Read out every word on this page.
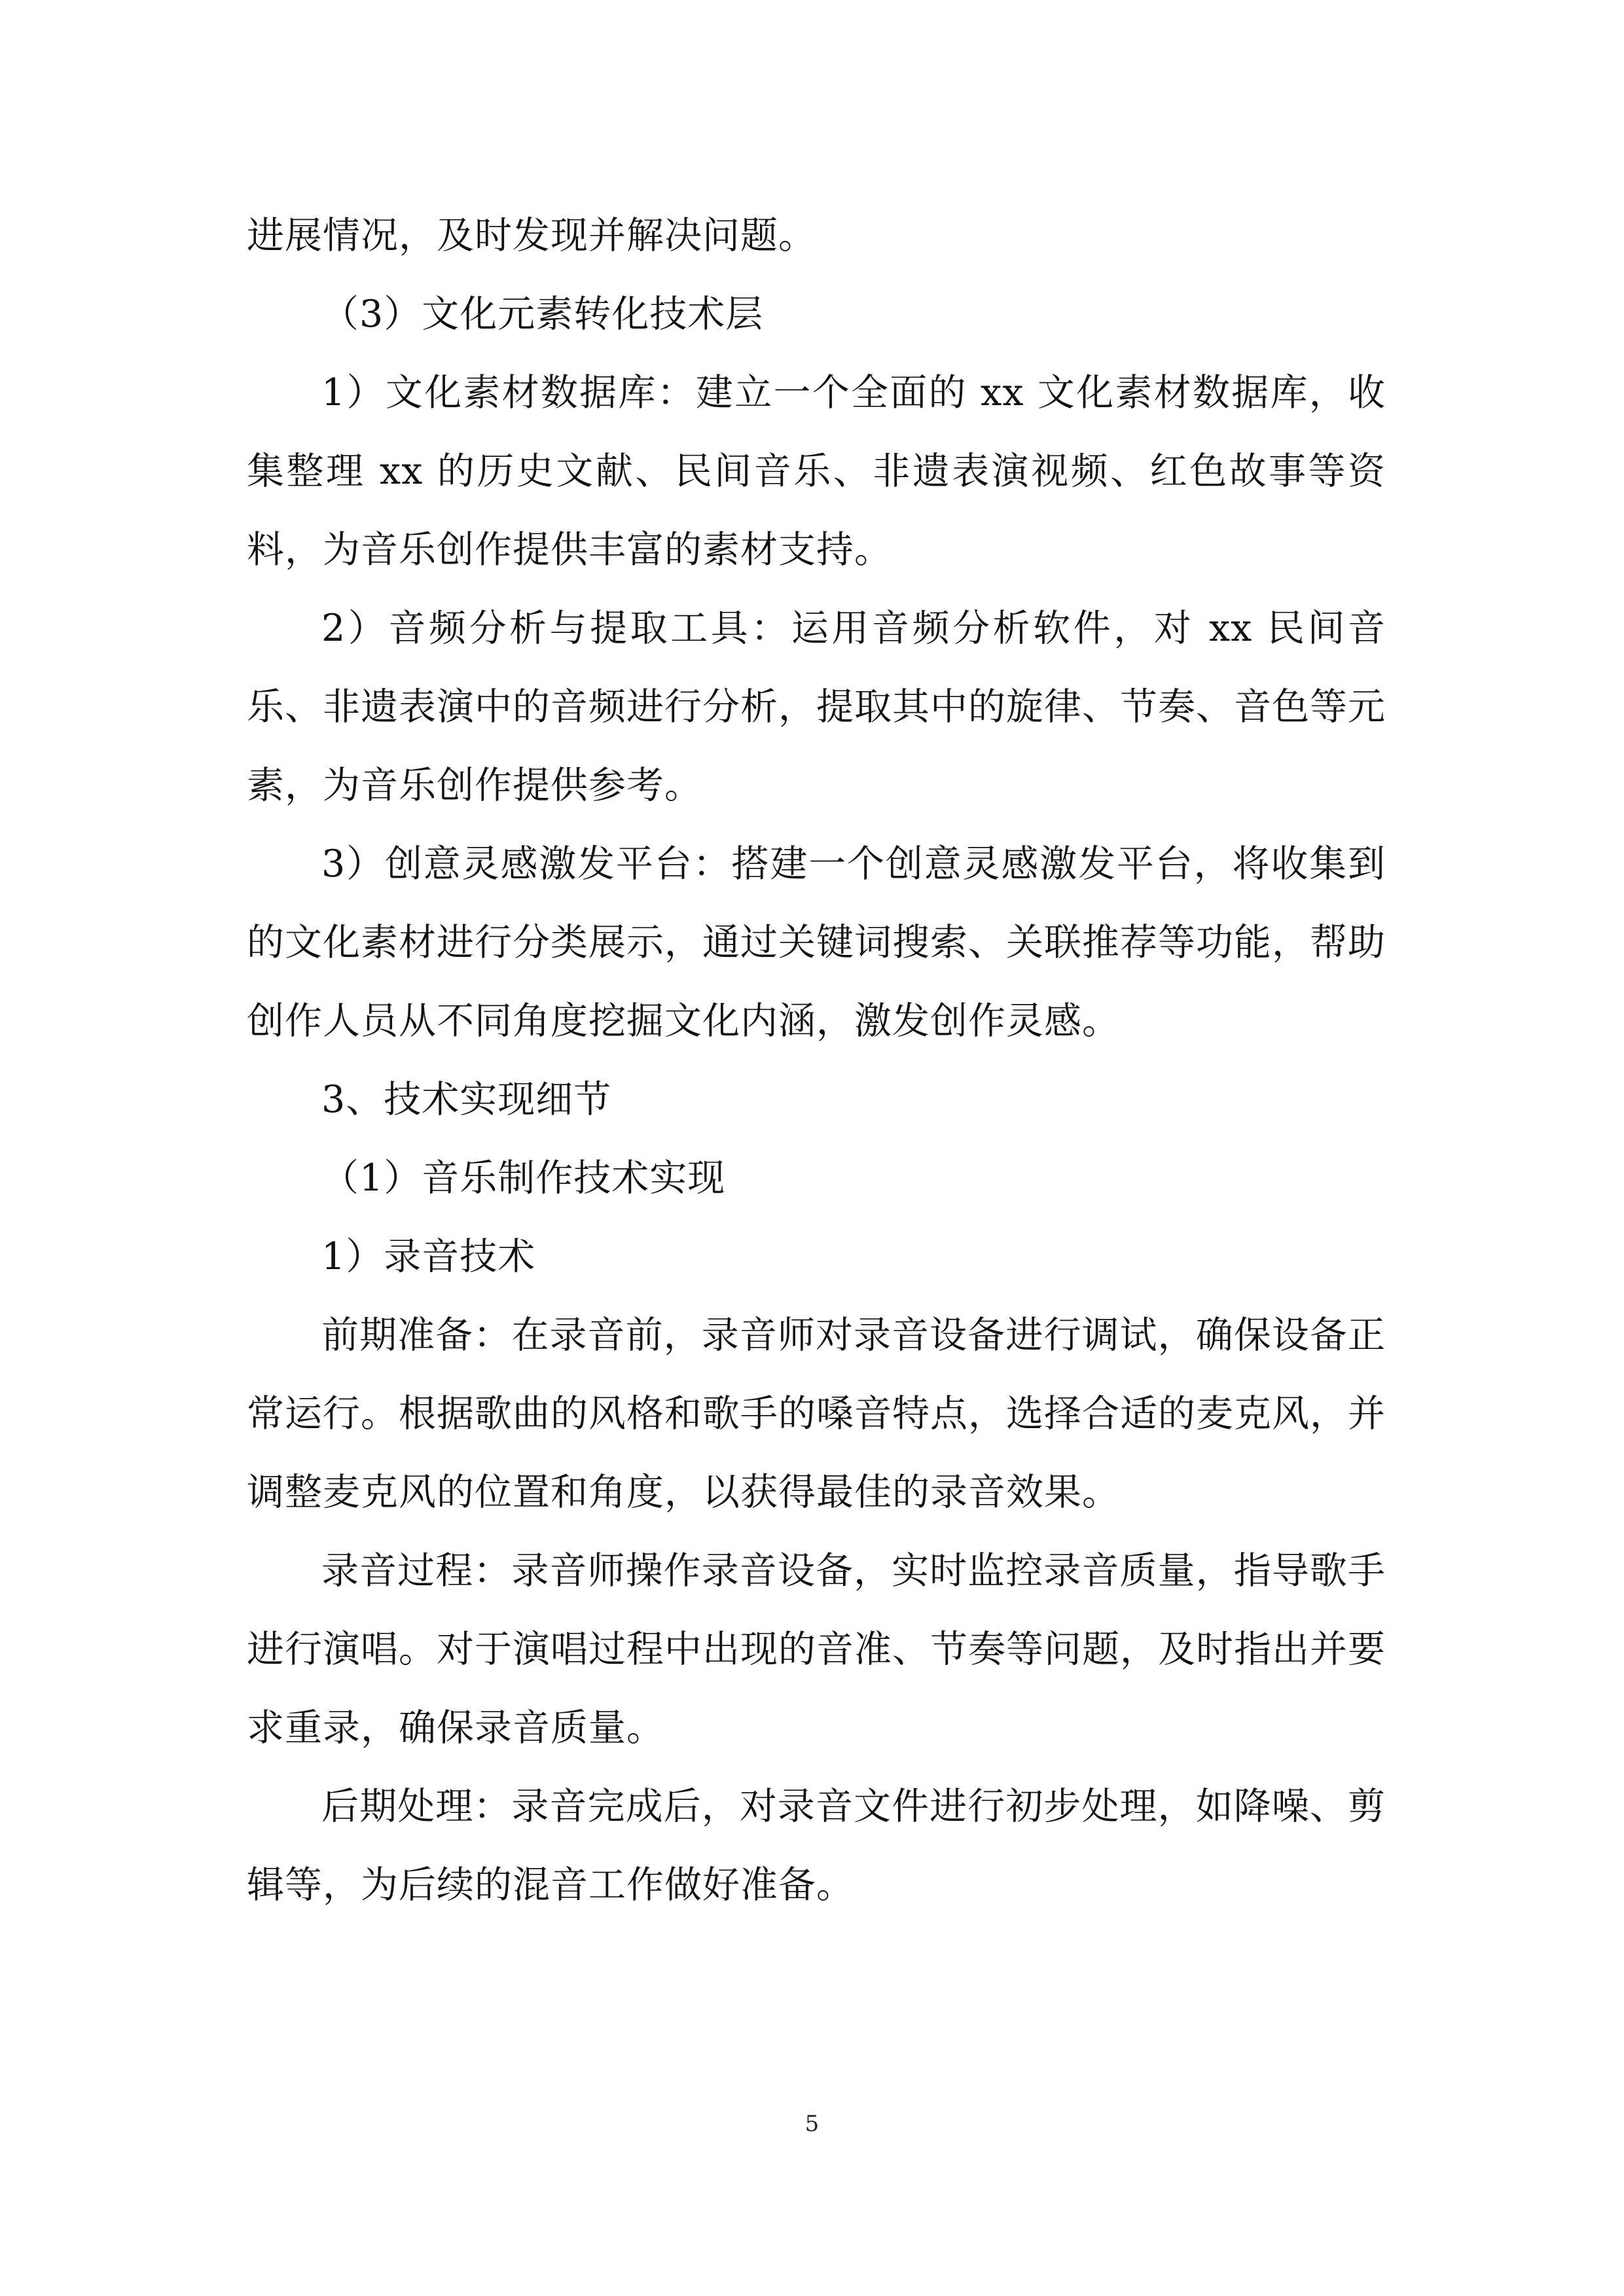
进展情况，及时发现并解决问题。

（3）文化元素转化技术层

1）文化素材数据库：建立一个全面的 xx 文化素材数据库，收集整理 xx 的历史文献、民间音乐、非遗表演视频、红色故事等资料，为音乐创作提供丰富的素材支持。

2）音频分析与提取工具：运用音频分析软件，对 xx 民间音乐、非遗表演中的音频进行分析，提取其中的旋律、节奏、音色等元素，为音乐创作提供参考。

3）创意灵感激发平台：搭建一个创意灵感激发平台，将收集到的文化素材进行分类展示，通过关键词搜索、关联推荐等功能，帮助创作人员从不同角度挖掘文化内涵，激发创作灵感。

3、技术实现细节

（1）音乐制作技术实现

1）录音技术

前期准备：在录音前，录音师对录音设备进行调试，确保设备正常运行。根据歌曲的风格和歌手的嗓音特点，选择合适的麦克风，并调整麦克风的位置和角度，以获得最佳的录音效果。

录音过程：录音师操作录音设备，实时监控录音质量，指导歌手进行演唱。对于演唱过程中出现的音准、节奏等问题，及时指出并要求重录，确保录音质量。

后期处理：录音完成后，对录音文件进行初步处理，如降噪、剪辑等，为后续的混音工作做好准备。

5
